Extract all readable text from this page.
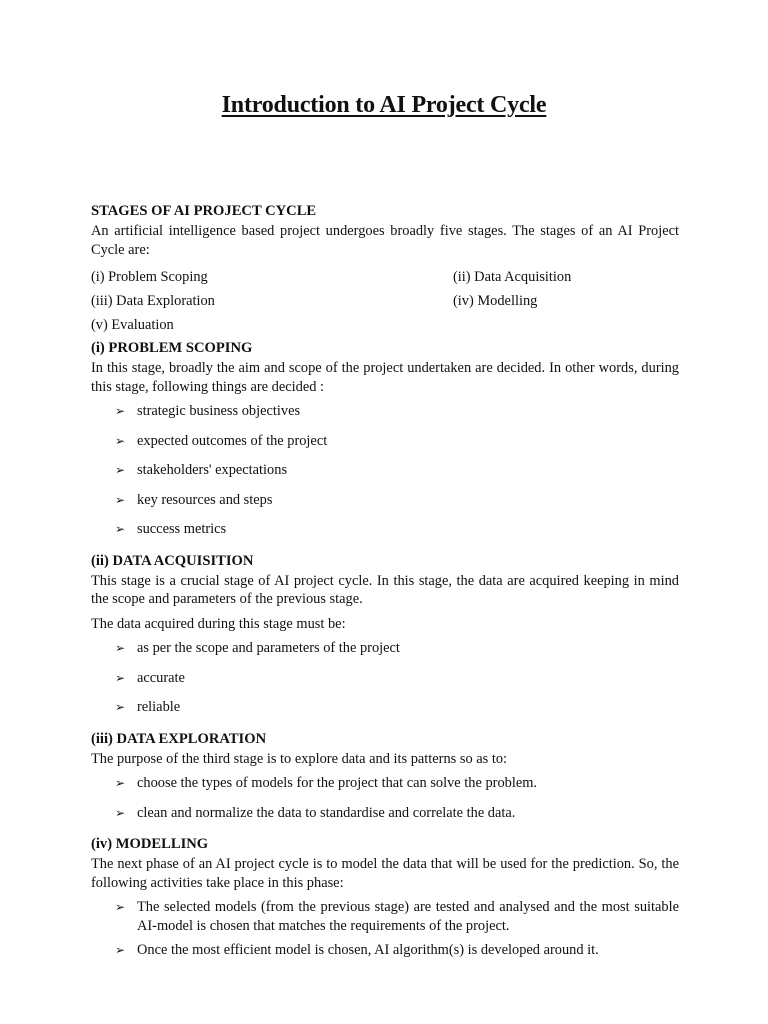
Introduction to AI Project Cycle
STAGES OF AI PROJECT CYCLE

An artificial intelligence based project undergoes broadly five stages. The stages of an AI Project Cycle are:

(i) Problem Scoping	(ii) Data Acquisition
(iii) Data Exploration	(iv) Modelling
(v) Evaluation
(i) PROBLEM SCOPING

In this stage, broadly the aim and scope of the project undertaken are decided. In other words, during this stage, following things are decided :

➢ strategic business objectives
➢ expected outcomes of the project
➢ stakeholders' expectations
➢ key resources and steps
➢ success metrics
(ii) DATA ACQUISITION

This stage is a crucial stage of AI project cycle. In this stage, the data are acquired keeping in mind the scope and parameters of the previous stage.

The data acquired during this stage must be:

➢ as per the scope and parameters of the project
➢ accurate
➢ reliable
(iii) DATA EXPLORATION

The purpose of the third stage is to explore data and its patterns so as to:

➢ choose the types of models for the project that can solve the problem.
➢ clean and normalize the data to standardise and correlate the data.
(iv) MODELLING

The next phase of an AI project cycle is to model the data that will be used for the prediction. So, the following activities take place in this phase:

➢ The selected models (from the previous stage) are tested and analysed and the most suitable AI-model is chosen that matches the requirements of the project.
➢ Once the most efficient model is chosen, AI algorithm(s) is developed around it.
